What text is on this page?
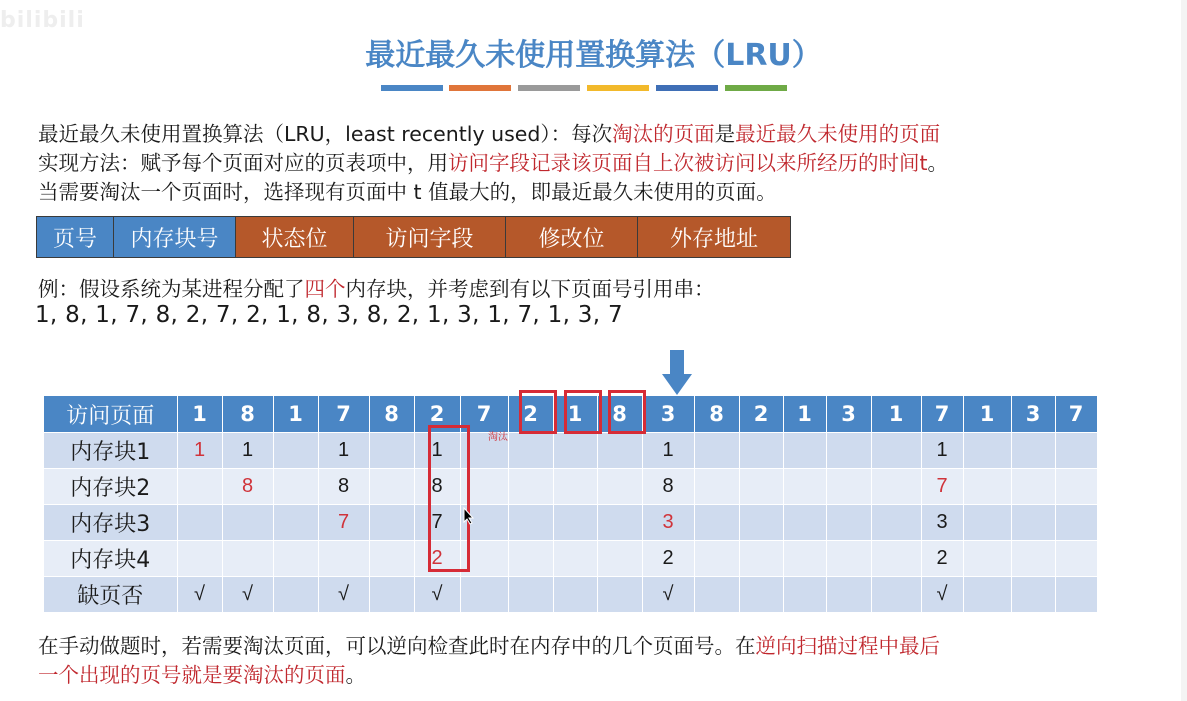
bilibili
最近最久未使用置换算法（LRU）
最近最久未使用置换算法（LRU，least recently used）：每次淘汰的页面是最近最久未使用的页面
实现方法：赋予每个页面对应的页表项中，用访问字段记录该页面自上次被访问以来所经历的时间t。
当需要淘汰一个页面时，选择现有页面中 t 值最大的，即最近最久未使用的页面。
页号	内存块号	状态位	访问字段	修改位	外存地址
例：假设系统为某进程分配了四个内存块，并考虑到有以下页面号引用串：
1, 8, 1, 7, 8, 2, 7, 2, 1, 8, 3, 8, 2, 1, 3, 1, 7, 1, 3, 7
访问页面	1	8	1	7	8	2	7	2	1	8	3	8	2	1	3	1	7	1	3	7
内存块1	1	1		1		1					1						1			
内存块2		8		8		8					8						7			
内存块3				7		7					3						3			
内存块4						2					2						2			
缺页否	√	√		√		√					√						√			
淘汰
在手动做题时，若需要淘汰页面，可以逆向检查此时在内存中的几个页面号。在逆向扫描过程中最后
一个出现的页号就是要淘汰的页面。
